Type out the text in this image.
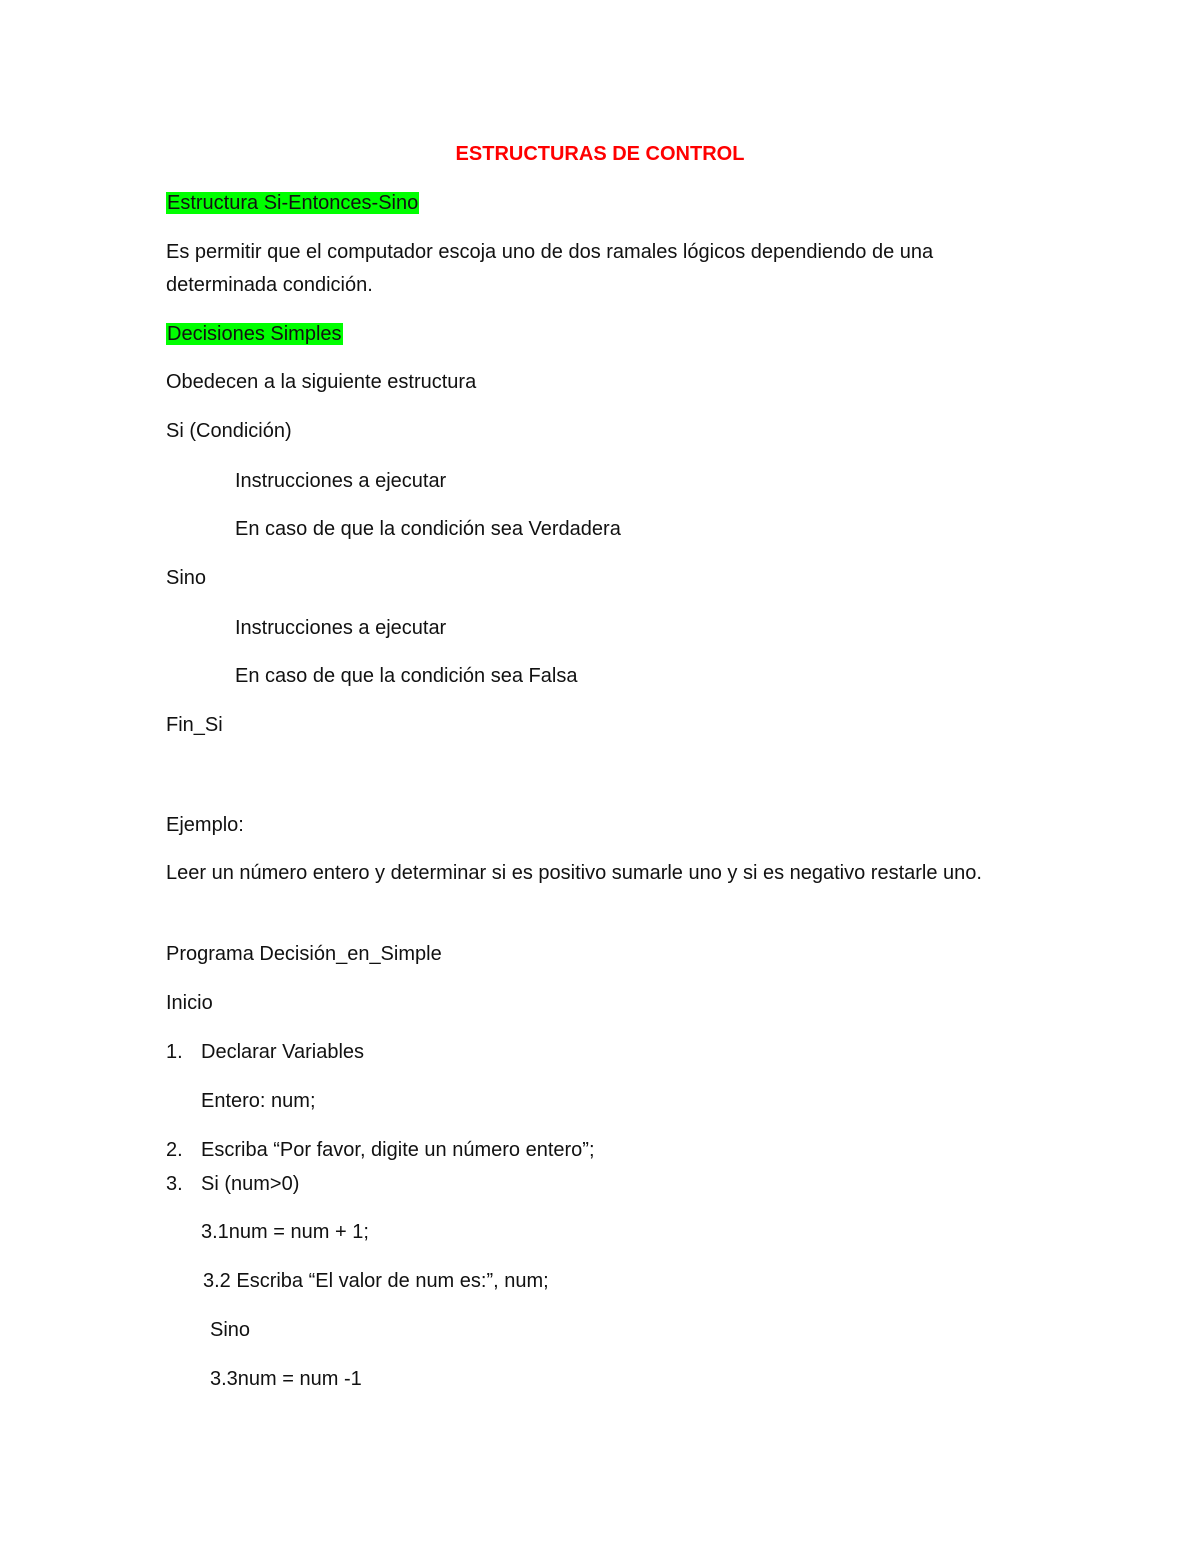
ESTRUCTURAS DE CONTROL
Estructura Si-Entonces-Sino
Es permitir que el computador escoja uno de dos ramales lógicos dependiendo de una determinada condición.
Decisiones Simples
Obedecen a la siguiente estructura
Si (Condición)
Instrucciones a ejecutar
En caso de que la condición sea Verdadera
Sino
Instrucciones a ejecutar
En caso de que la condición sea Falsa
Fin_Si
Ejemplo:
Leer un número entero y determinar si es positivo sumarle uno y si es negativo restarle uno.
Programa Decisión_en_Simple
Inicio
1. Declarar Variables
Entero: num;
2. Escriba “Por favor, digite un número entero”;
3. Si (num>0)
3.1num = num + 1;
3.2 Escriba “El valor de num es:”, num;
Sino
3.3num = num -1
